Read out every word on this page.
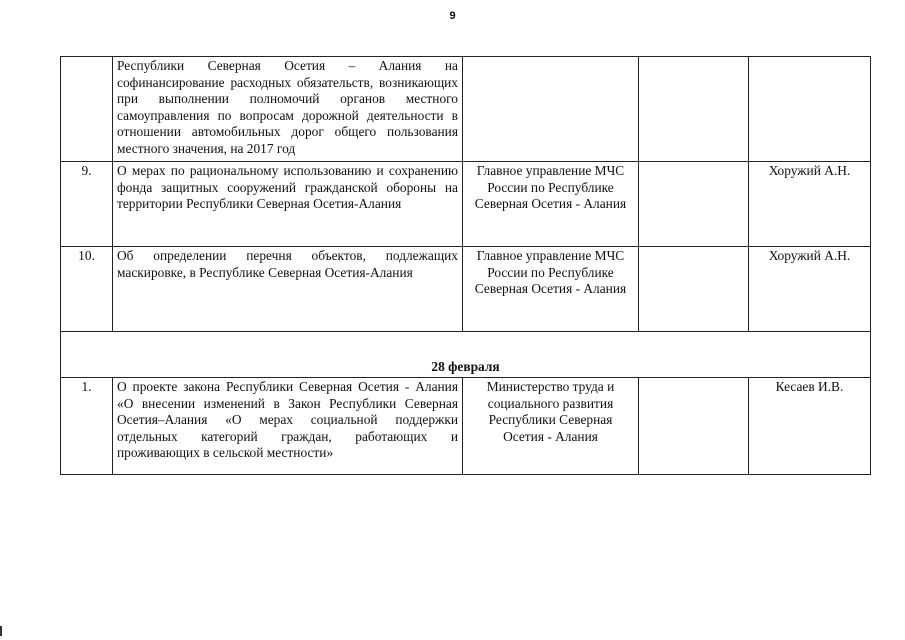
9
	Республики Северная Осетия – Алания на софинансирование расходных обязательств, возникающих при выполнении полномочий органов местного самоуправления по вопросам дорожной деятельности в отношении автомобильных дорог общего пользования местного значения, на 2017 год			
9.	О мерах по рациональному использованию и сохранению фонда защитных сооружений гражданской обороны на территории Республики Северная Осетия-Алания	Главное управление МЧС России по Республике Северная Осетия - Алания		Хоружий А.Н.
10.	Об определении перечня объектов, подлежащих маскировке, в Республике Северная Осетия-Алания	Главное управление МЧС России по Республике Северная Осетия - Алания		Хоружий А.Н.
28 февраля				
1.	О проекте закона Республики Северная Осетия - Алания «О внесении изменений в Закон Республики Северная Осетия–Алания «О мерах социальной поддержки отдельных категорий граждан, работающих и проживающих в сельской местности»	Министерство труда и социального развития Республики Северная Осетия - Алания		Кесаев И.В.
